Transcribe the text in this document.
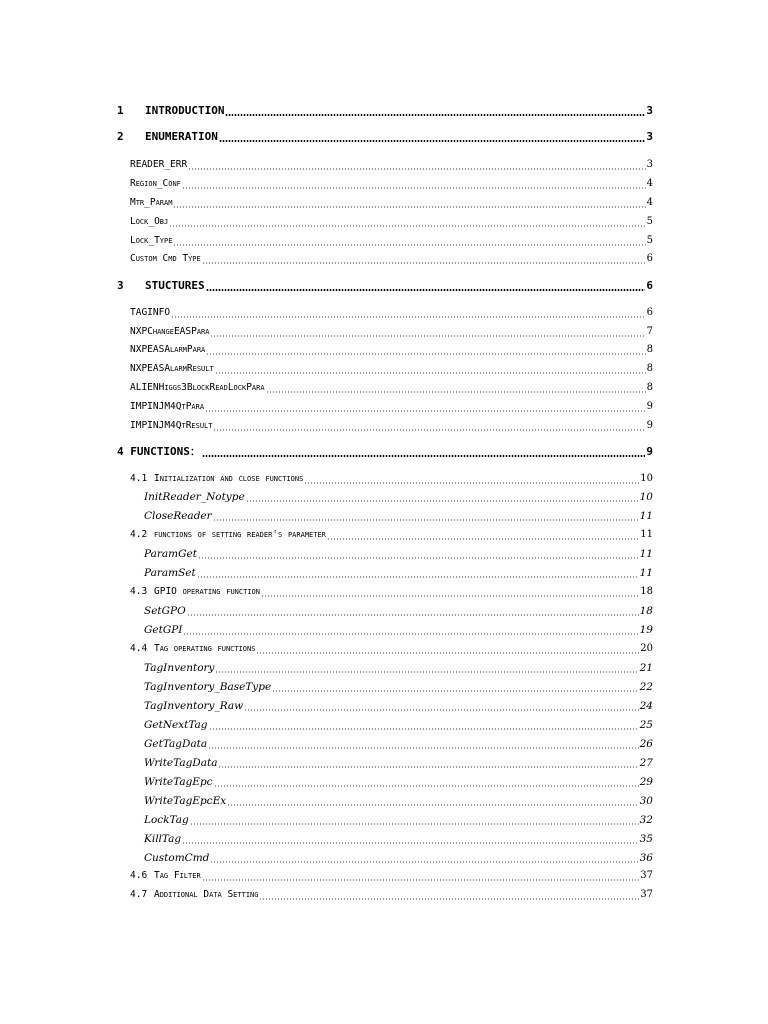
1	INTRODUCTION	3
2	ENUMERATION	3
READER_ERR	3
Region_Conf	4
Mtr_Param	4
Lock_Obj	5
Lock_Type	5
Custom Cmd Type	6
3	STUCTURES	6
TAGINFO	6
NXPChangeEASPara	7
NXPEASAlarmPara	8
NXPEASAlarmResult	8
ALIENHiggs3BlockReadLockPara	8
IMPINJM4QtPara	9
IMPINJM4QtResult	9
4 FUNCTIONS：	9
4.1 Initialization and close functions	10
InitReader_Notype	10
CloseReader	11
4.2 functions of setting reader's parameter	11
ParamGet	11
ParamSet	11
4.3 GPIO operating function	18
SetGPO	18
GetGPI	19
4.4 Tag operating functions	20
TagInventory	21
TagInventory_BaseType	22
TagInventory_Raw	24
GetNextTag	25
GetTagData	26
WriteTagData	27
WriteTagEpc	29
WriteTagEpcEx	30
LockTag	32
KillTag	35
CustomCmd	36
4.6 Tag Filter	37
4.7 Additional Data Setting	37
